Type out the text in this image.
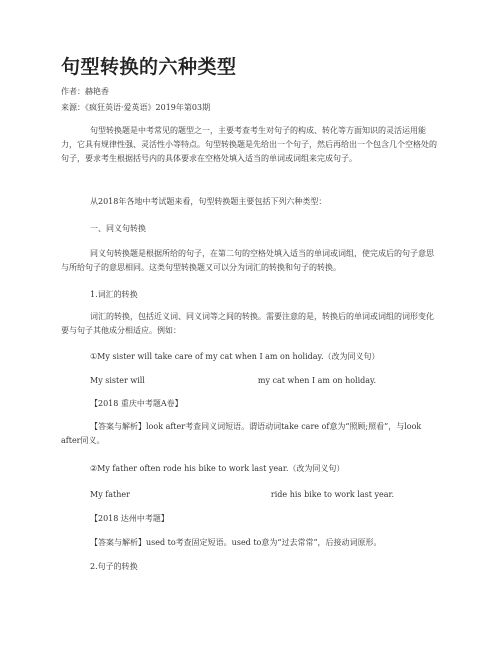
句型转换的六种类型
作者：赫艳香
来源：《疯狂英语·爱英语》2019年第03期
句型转换题是中考常见的题型之一，主要考查考生对句子的构成、转化等方面知识的灵活运用能力，它具有规律性强、灵活性小等特点。句型转换题是先给出一个句子，然后再给出一个包含几个空格处的句子，要求考生根据括号内的具体要求在空格处填入适当的单词或词组来完成句子。
从2018年各地中考试题来看，句型转换题主要包括下列六种类型：
一、同义句转换
同义句转换题是根据所给的句子，在第二句的空格处填入适当的单词或词组，使完成后的句子意思与所给句子的意思相同。这类句型转换题又可以分为词汇的转换和句子的转换。
1.词汇的转换
词汇的转换，包括近义词、同义词等之间的转换。需要注意的是，转换后的单词或词组的词形变化要与句子其他成分相适应。例如：
①My sister will take care of my cat when I am on holiday.（改为同义句）
My sister will	my cat when I am on holiday.
【2018 重庆中考题A卷】
【答案与解析】look after考查同义词短语。谓语动词take care of意为“照顾;照看”，与look after同义。
②My father often rode his bike to work last year.（改为同义句）
My father	ride his bike to work last year.
【2018 达州中考题】
【答案与解析】used to考查固定短语。used to意为“过去常常”，后接动词原形。
2.句子的转换
